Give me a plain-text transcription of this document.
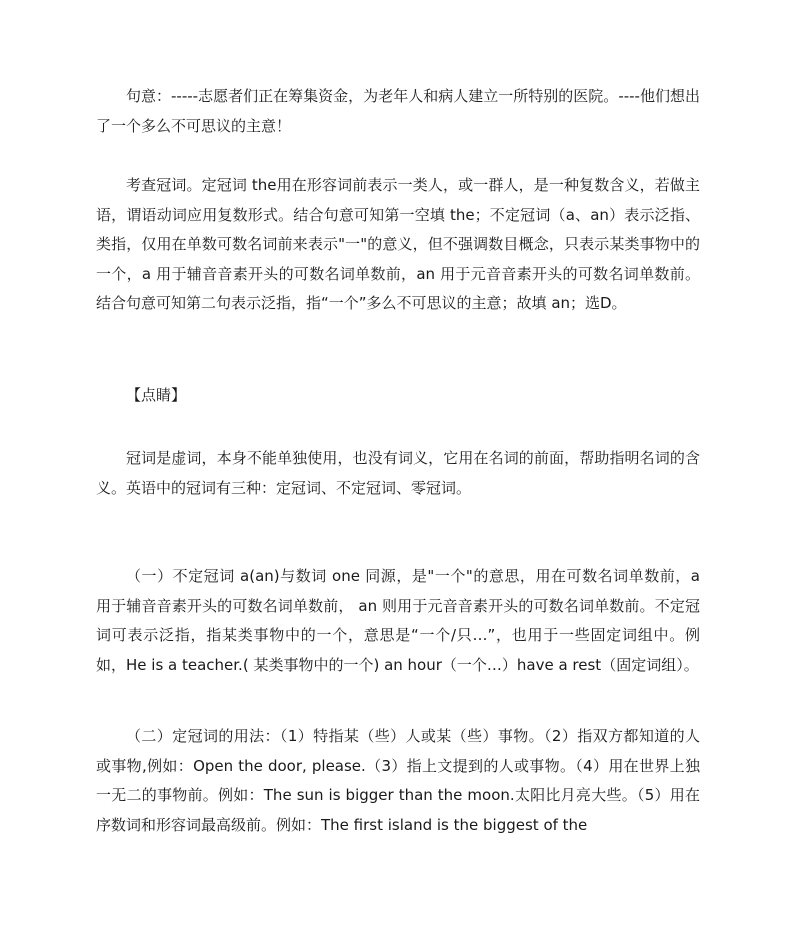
句意：-----志愿者们正在筹集资金，为老年人和病人建立一所特别的医院。----他们想出了一个多么不可思议的主意！

考查冠词。定冠词 the用在形容词前表示一类人，或一群人，是一种复数含义，若做主语，谓语动词应用复数形式。结合句意可知第一空填 the；不定冠词（a、an）表示泛指、类指，仅用在单数可数名词前来表示"一"的意义，但不强调数目概念，只表示某类事物中的一个，a 用于辅音音素开头的可数名词单数前，an 用于元音音素开头的可数名词单数前。结合句意可知第二句表示泛指，指“一个”多么不可思议的主意；故填 an；选D。

【点睛】

冠词是虚词，本身不能单独使用，也没有词义，它用在名词的前面，帮助指明名词的含义。英语中的冠词有三种：定冠词、不定冠词、零冠词。

（一）不定冠词 a(an)与数词 one 同源，是"一个"的意思，用在可数名词单数前，a 用于辅音音素开头的可数名词单数前， an 则用于元音音素开头的可数名词单数前。不定冠词可表示泛指，指某类事物中的一个，意思是“一个/只…”，也用于一些固定词组中。例如，He is a teacher.( 某类事物中的一个) an hour（一个…）have a rest（固定词组）。

（二）定冠词的用法：（1）特指某（些）人或某（些）事物。（2）指双方都知道的人或事物,例如：Open the door, please.（3）指上文提到的人或事物。（4）用在世界上独一无二的事物前。例如：The sun is bigger than the moon.太阳比月亮大些。（5）用在序数词和形容词最高级前。例如：The first island is the biggest of the
